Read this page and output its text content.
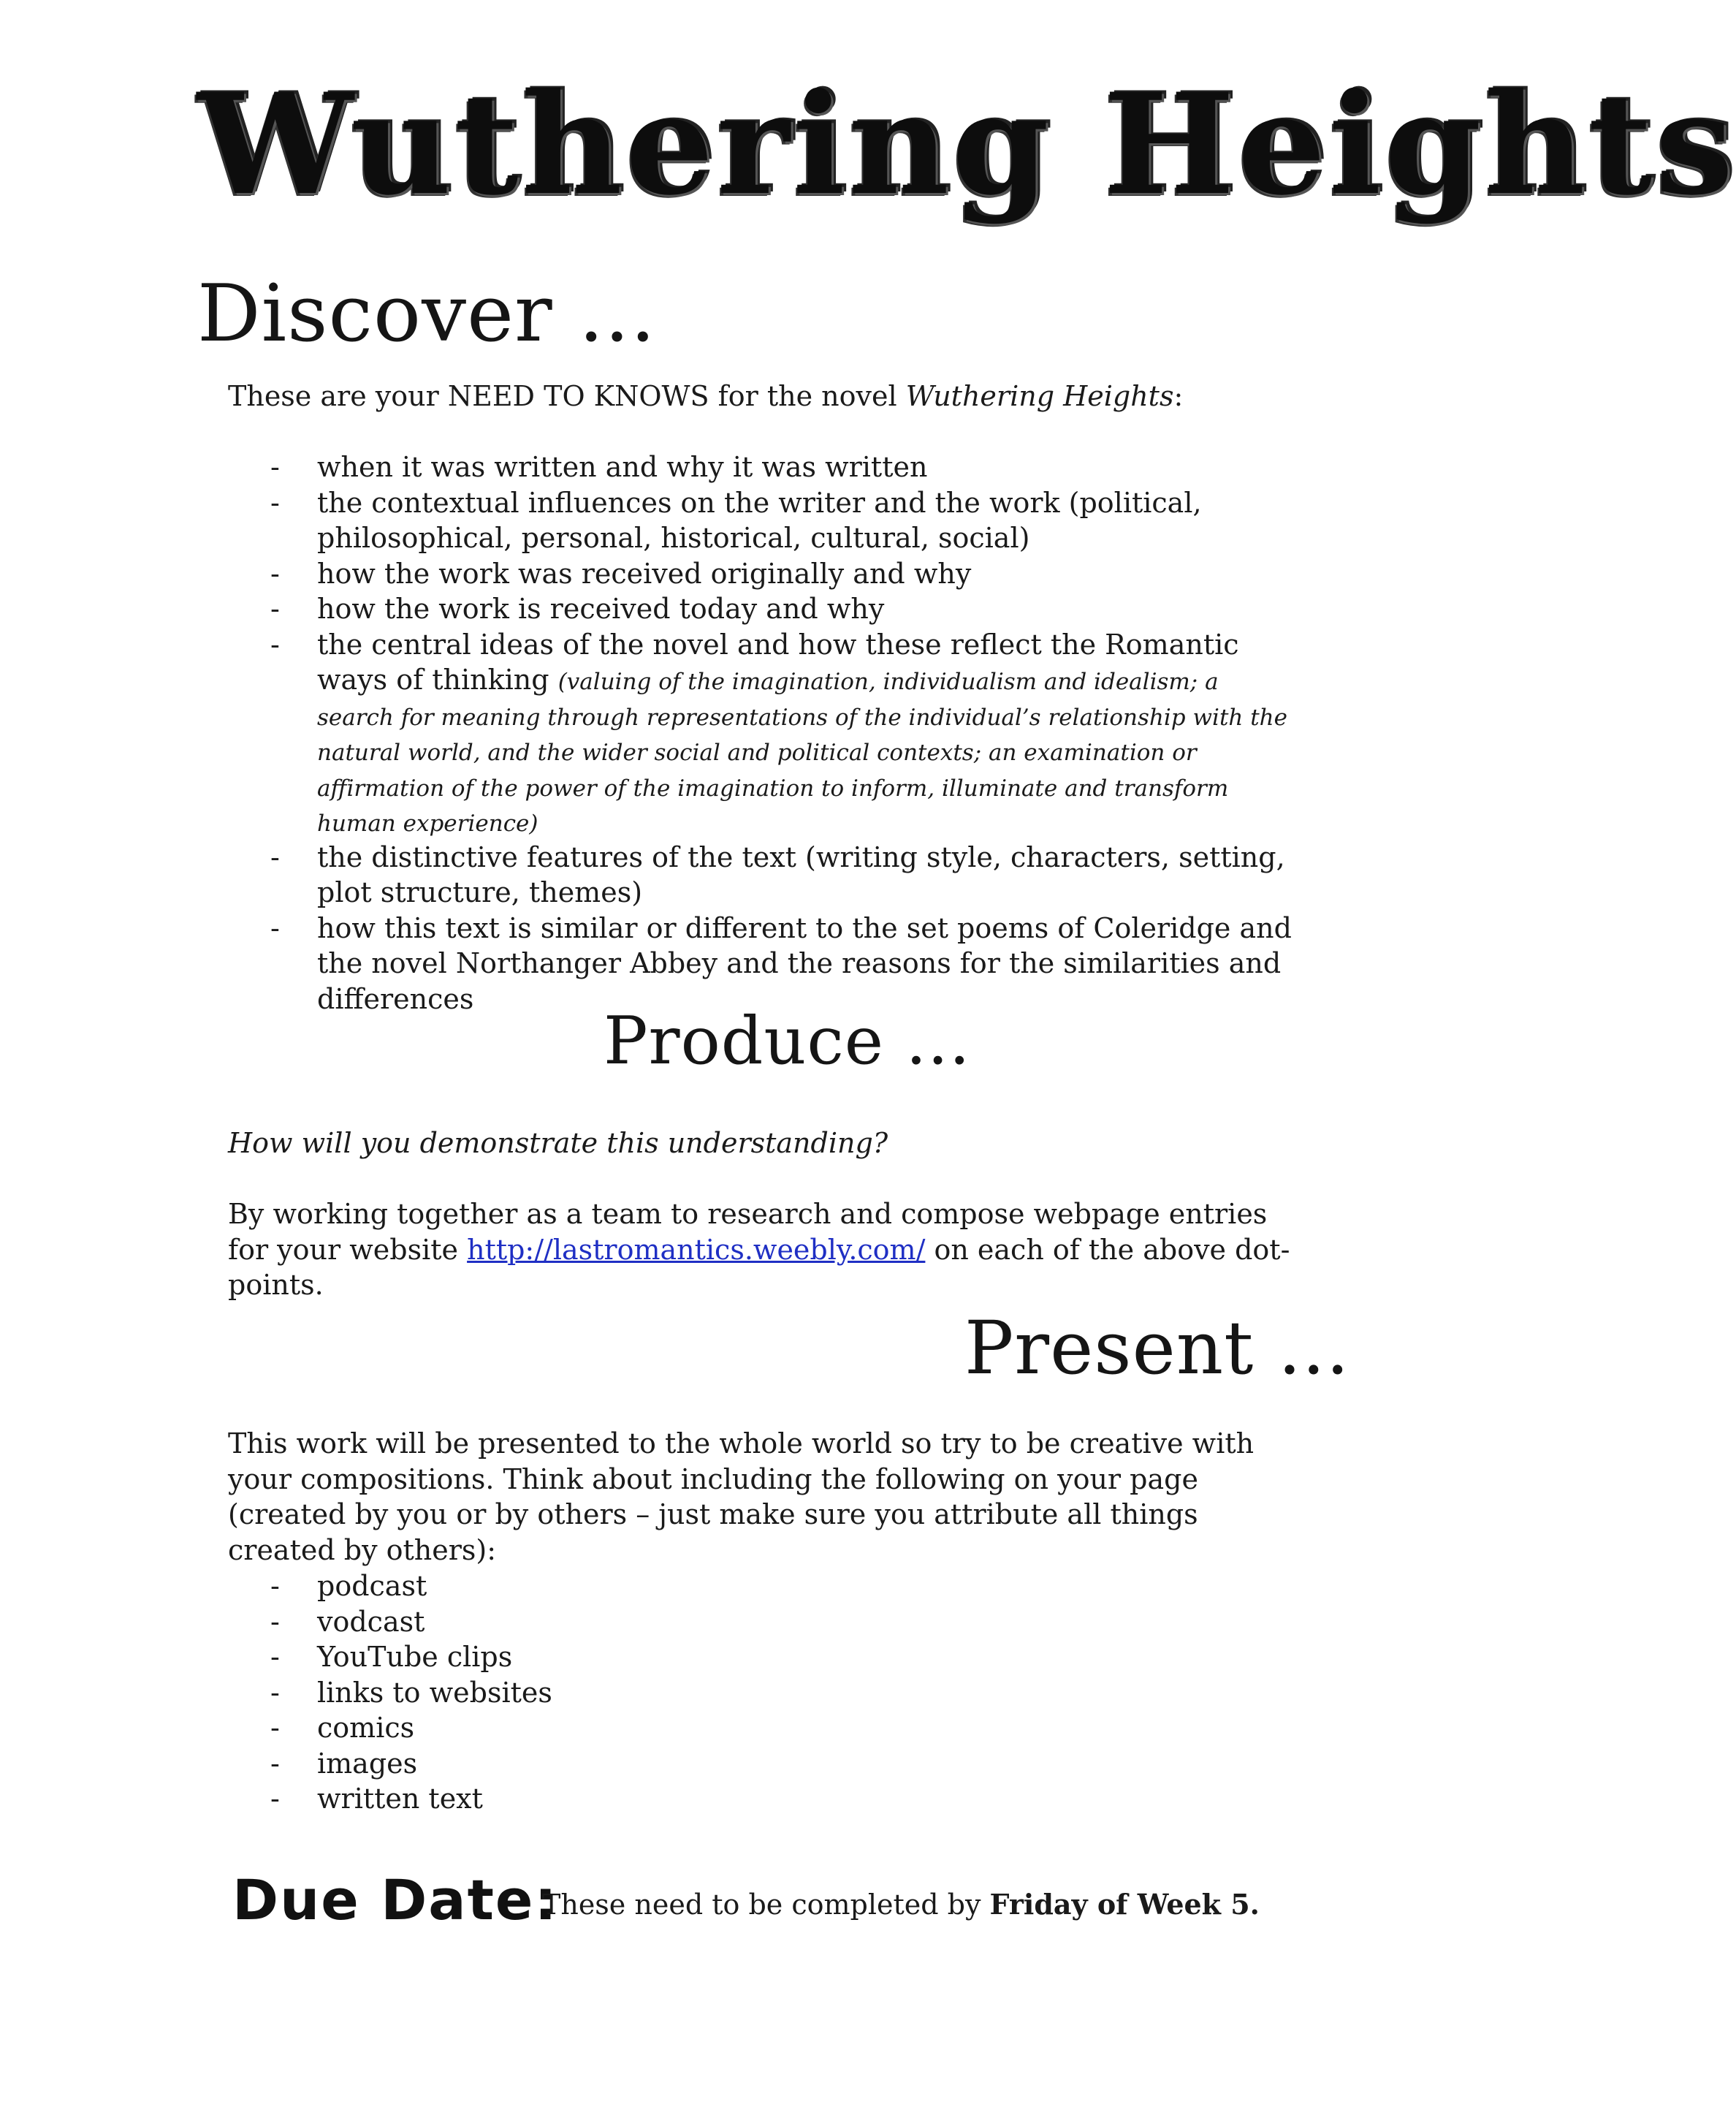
Wuthering Heights
Discover ...
These are your NEED TO KNOWS for the novel Wuthering Heights:
- when it was written and why it was written
- the contextual influences on the writer and the work (political, philosophical, personal, historical, cultural, social)
- how the work was received originally and why
- how the work is received today and why
- the central ideas of the novel and how these reflect the Romantic ways of thinking (valuing of the imagination, individualism and idealism; a search for meaning through representations of the individual’s relationship with the natural world, and the wider social and political contexts; an examination or affirmation of the power of the imagination to inform, illuminate and transform human experience)
- the distinctive features of the text (writing style, characters, setting, plot structure, themes)
- how this text is similar or different to the set poems of Coleridge and the novel Northanger Abbey and the reasons for the similarities and differences
Produce ...
How will you demonstrate this understanding?
By working together as a team to research and compose webpage entries for your website http://lastromantics.weebly.com/ on each of the above dot-points.
Present ...
This work will be presented to the whole world so try to be creative with your compositions. Think about including the following on your page (created by you or by others – just make sure you attribute all things created by others):
- podcast
- vodcast
- YouTube clips
- links to websites
- comics
- images
- written text
Due Date:
These need to be completed by Friday of Week 5.
